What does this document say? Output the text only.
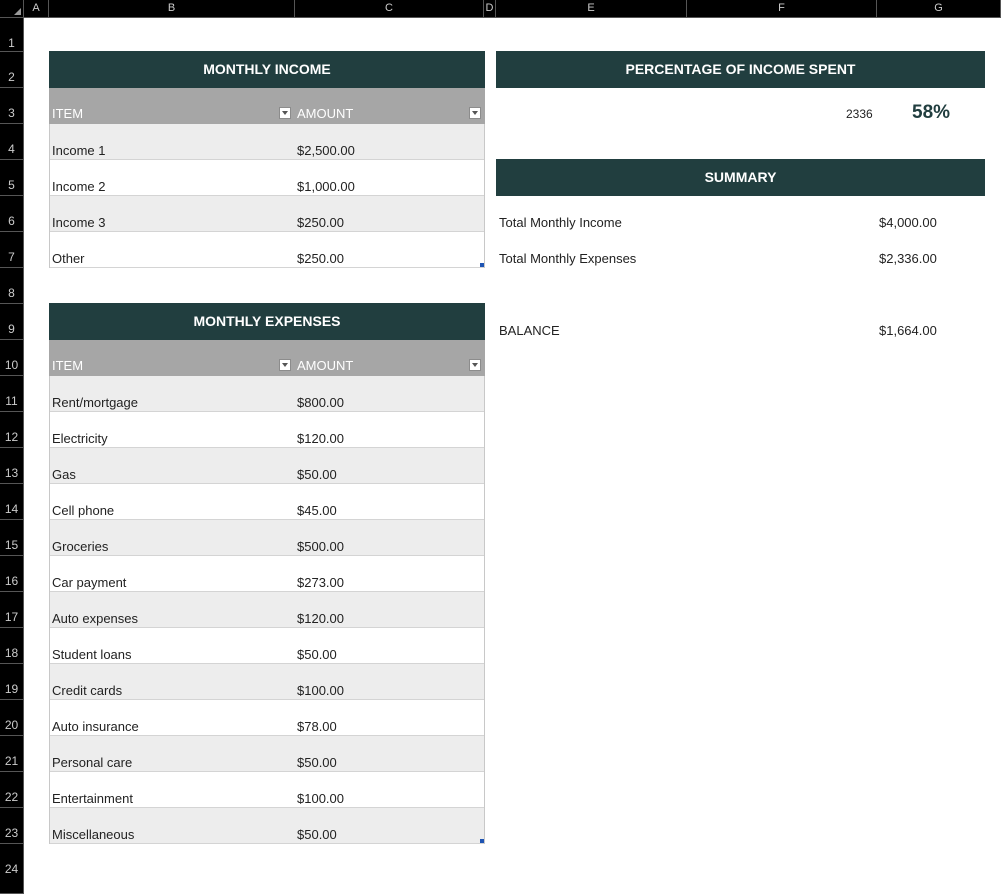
A	B	C	D	E	F	G
1
2
3
4
5
6
7
8
9
10
11
12
13
14
15
16
17
18
19
20
21
22
23
24
MONTHLY INCOME
ITEM	AMOUNT
Income 1	$2,500.00
Income 2	$1,000.00
Income 3	$250.00
Other	$250.00
MONTHLY EXPENSES
ITEM	AMOUNT
Rent/mortgage	$800.00
Electricity	$120.00
Gas	$50.00
Cell phone	$45.00
Groceries	$500.00
Car payment	$273.00
Auto expenses	$120.00
Student loans	$50.00
Credit cards	$100.00
Auto insurance	$78.00
Personal care	$50.00
Entertainment	$100.00
Miscellaneous	$50.00
PERCENTAGE OF INCOME SPENT
2336 58%
SUMMARY
Total Monthly Income	$4,000.00
Total Monthly Expenses	$2,336.00
BALANCE	$1,664.00
